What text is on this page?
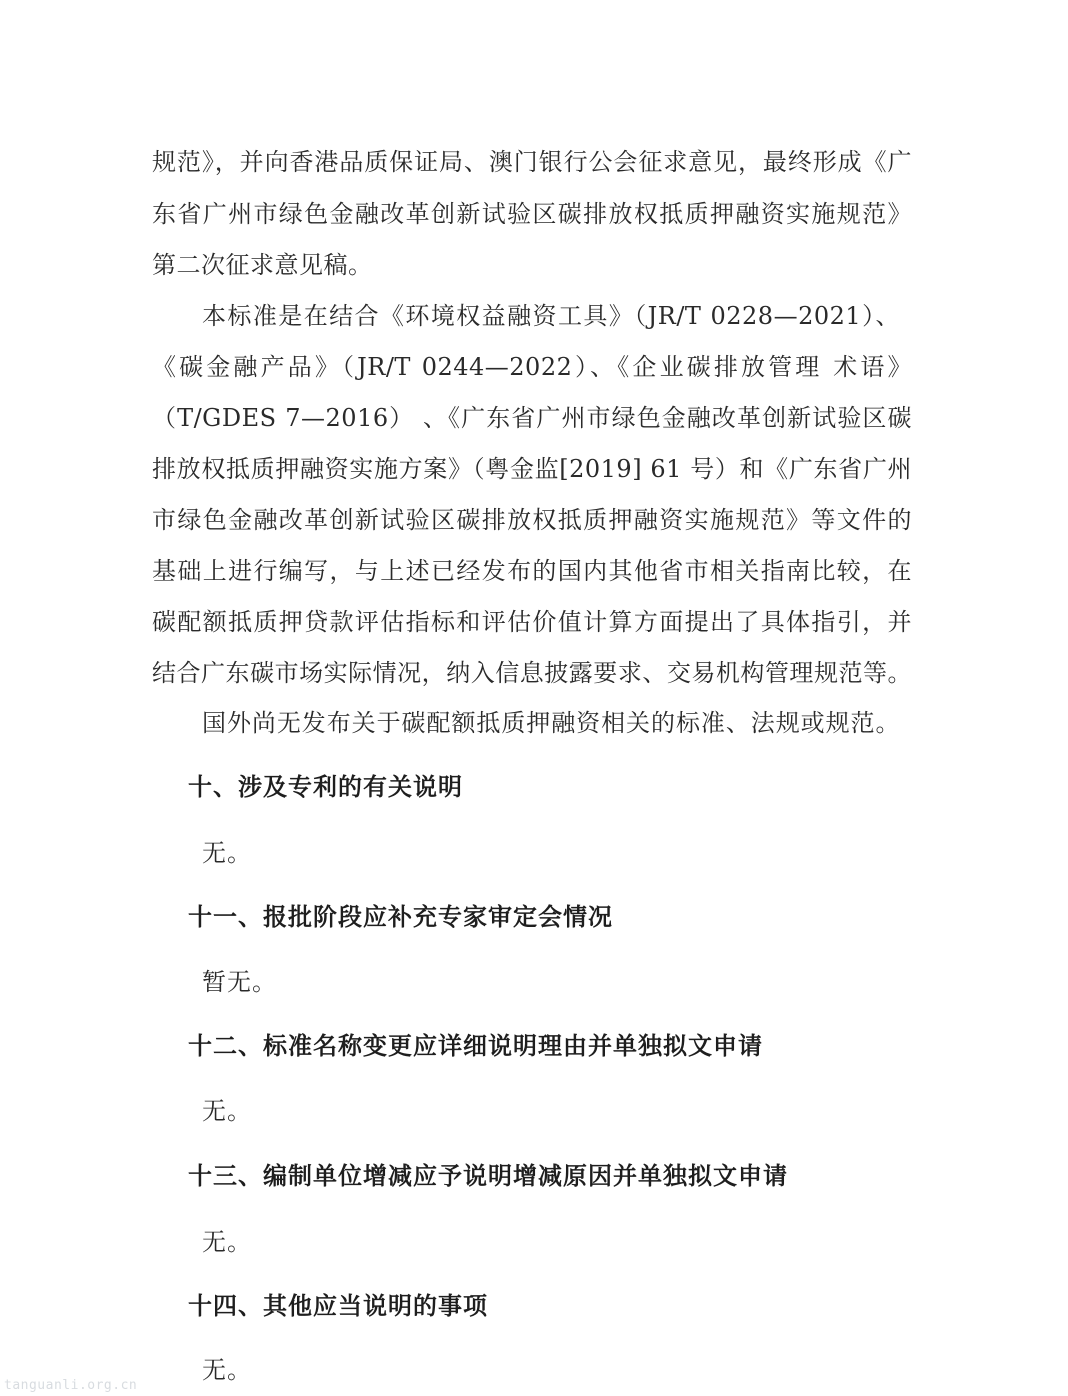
规范》，并向香港品质保证局、澳门银行公会征求意见，最终形成《广
东省广州市绿色金融改革创新试验区碳排放权抵质押融资实施规范》
第二次征求意见稿。
本标准是在结合《环境权益融资工具》（JR/T 0228—2021）、
《碳金融产品》（JR/T 0244—2022）、《企业碳排放管理 术语》
（T/GDES 7—2016） 、《广东省广州市绿色金融改革创新试验区碳
排放权抵质押融资实施方案》（粤金监[2019] 61 号）和《广东省广州
市绿色金融改革创新试验区碳排放权抵质押融资实施规范》等文件的
基础上进行编写，与上述已经发布的国内其他省市相关指南比较，在
碳配额抵质押贷款评估指标和评估价值计算方面提出了具体指引，并
结合广东碳市场实际情况，纳入信息披露要求、交易机构管理规范等。
国外尚无发布关于碳配额抵质押融资相关的标准、法规或规范。
十、涉及专利的有关说明
无。
十一、报批阶段应补充专家审定会情况
暂无。
十二、标准名称变更应详细说明理由并单独拟文申请
无。
十三、编制单位增减应予说明增减原因并单独拟文申请
无。
十四、其他应当说明的事项
无。
tanguanli.org.cn
